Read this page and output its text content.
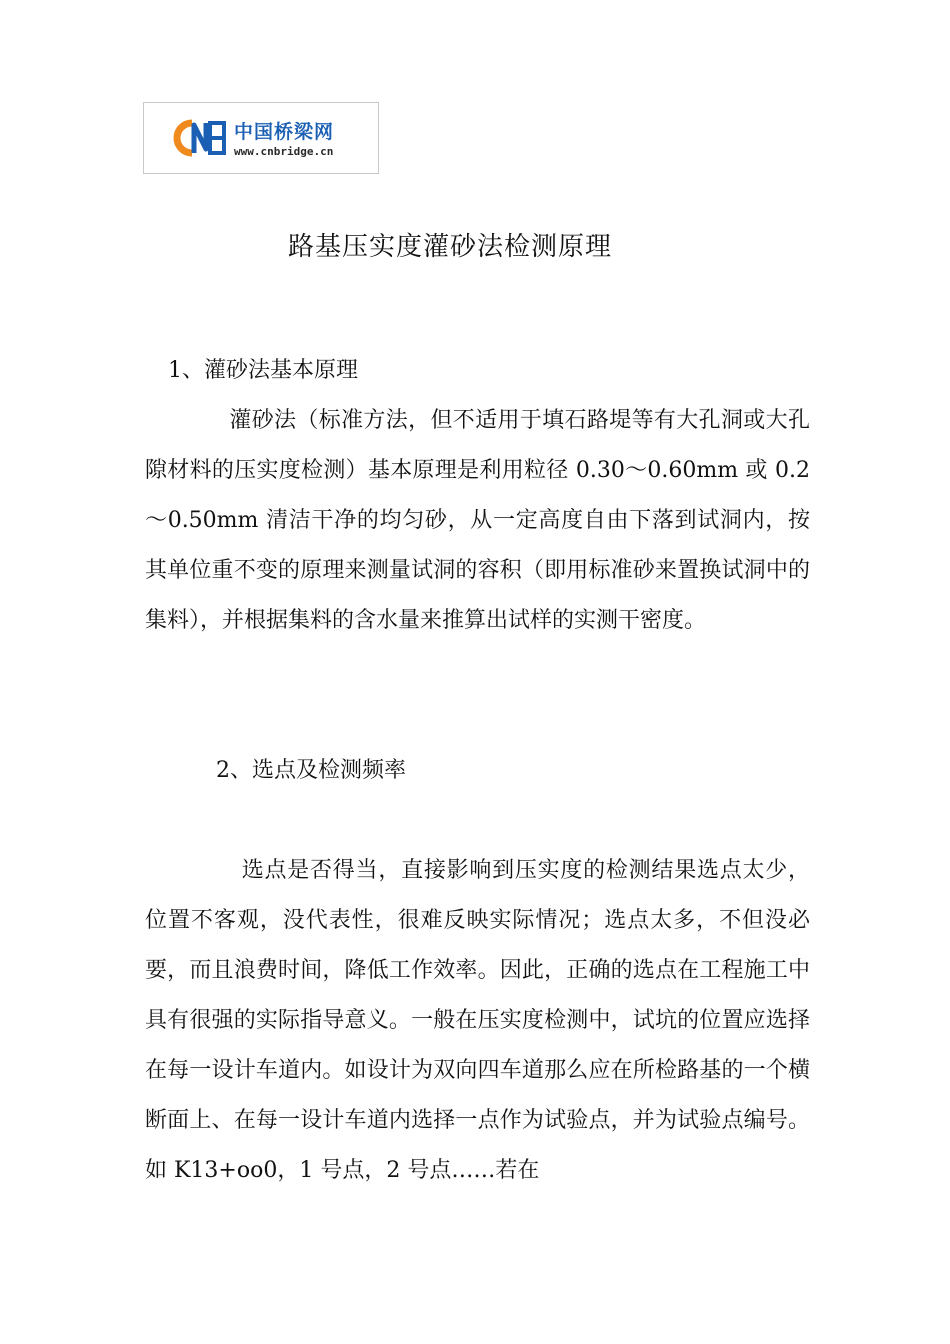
中国桥梁网
www.cnbridge.cn
路基压实度灌砂法检测原理
1、灌砂法基本原理

灌砂法（标准方法，但不适用于填石路堤等有大孔洞或大孔隙材料的压实度检测）基本原理是利用粒径 0.30～0.60mm 或 0.2～0.50mm 清洁干净的均匀砂，从一定高度自由下落到试洞内，按其单位重不变的原理来测量试洞的容积（即用标准砂来置换试洞中的集料），并根据集料的含水量来推算出试样的实测干密度。

2、选点及检测频率

选点是否得当，直接影响到压实度的检测结果选点太少，位置不客观，没代表性，很难反映实际情况；选点太多，不但没必要，而且浪费时间，降低工作效率。因此，正确的选点在工程施工中具有很强的实际指导意义。一般在压实度检测中，试坑的位置应选择在每一设计车道内。如设计为双向四车道那么应在所检路基的一个横断面上、在每一设计车道内选择一点作为试验点，并为试验点编号。如 K13+oo0，1 号点，2 号点……若在
